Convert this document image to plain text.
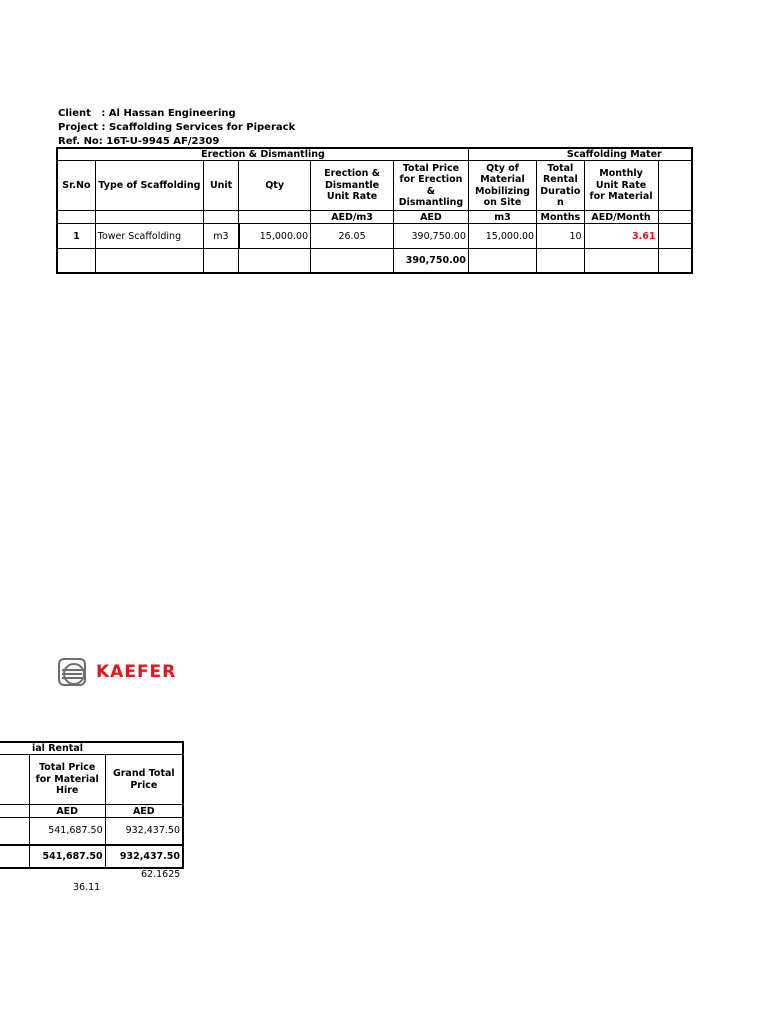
Client   : Al Hassan Engineering
Project : Scaffolding Services for Piperack
Ref. No: 16T-U-9945 AF/2309
Erection & Dismantling						Scaffolding Mater			
Sr.No	Type of Scaffolding	Unit	Qty	Erection & Dismantle Unit Rate	Total Price for Erection & Dismantling	Qty of Material Mobilizing on Site	Total Rental Duratio n	Monthly Unit Rate for Material	
				AED/m3	AED	m3	Months	AED/Month	
1	Tower Scaffolding	m3	15,000.00	26.05	390,750.00	15,000.00	10	3.61	
					390,750.00				
KAEFER
ial Rental		
	Total Price for Material Hire	Grand Total Price
	AED	AED
	541,687.50	932,437.50
	541,687.50	932,437.50
62.1625
36.11
